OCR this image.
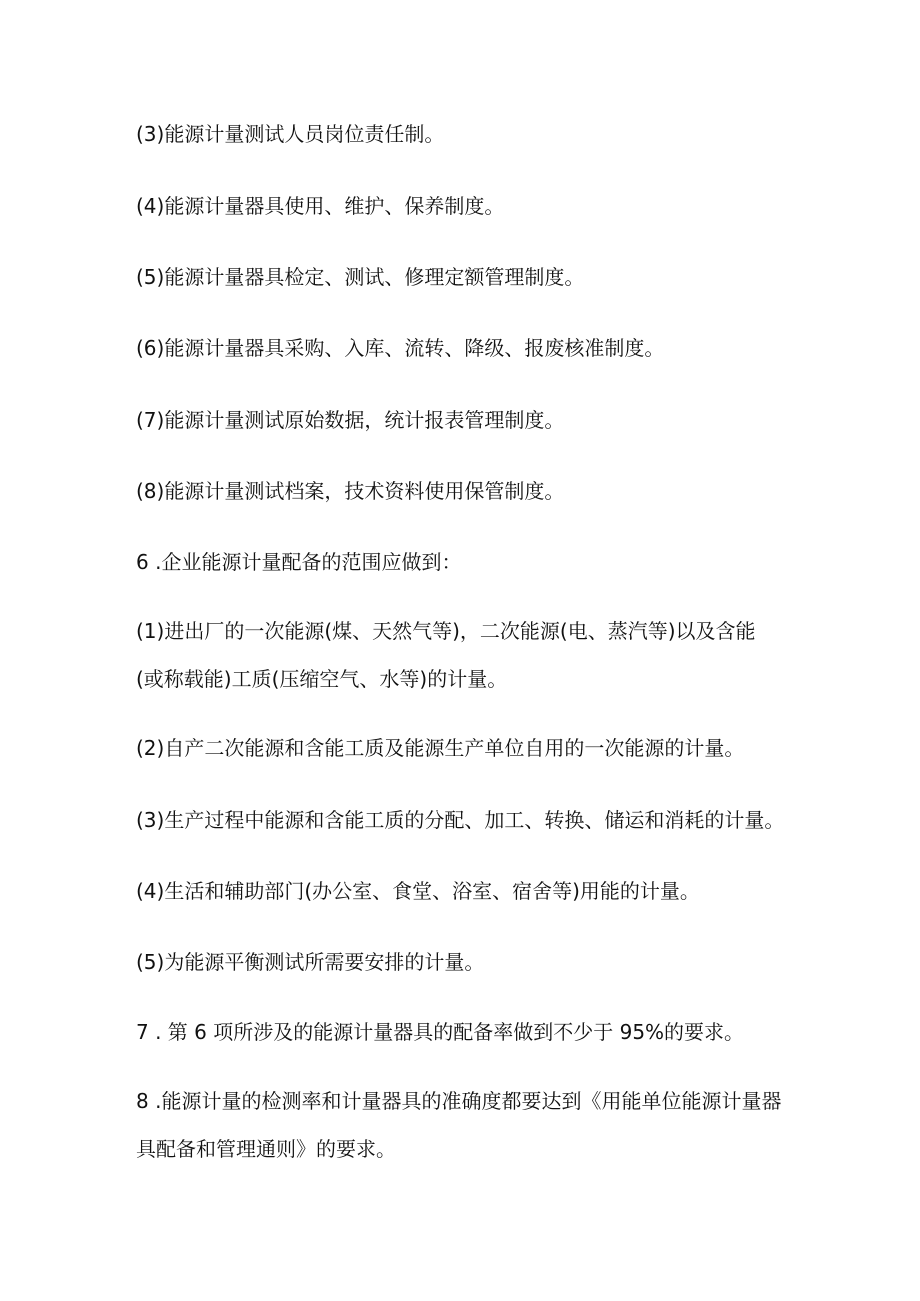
(3)能源计量测试人员岗位责任制。

(4)能源计量器具使用、维护、保养制度。

(5)能源计量器具检定、测试、修理定额管理制度。

(6)能源计量器具采购、入库、流转、降级、报废核准制度。

(7)能源计量测试原始数据，统计报表管理制度。

(8)能源计量测试档案，技术资料使用保管制度。

6 .企业能源计量配备的范围应做到：

(1)进出厂的一次能源(煤、天然气等)，二次能源(电、蒸汽等)以及含能
(或称载能)工质(压缩空气、水等)的计量。

(2)自产二次能源和含能工质及能源生产单位自用的一次能源的计量。

(3)生产过程中能源和含能工质的分配、加工、转换、储运和消耗的计量。

(4)生活和辅助部门(办公室、食堂、浴室、宿舍等)用能的计量。

(5)为能源平衡测试所需要安排的计量。

7 . 第 6 项所涉及的能源计量器具的配备率做到不少于 95%的要求。

8 .能源计量的检测率和计量器具的准确度都要达到《用能单位能源计量器
具配备和管理通则》的要求。
